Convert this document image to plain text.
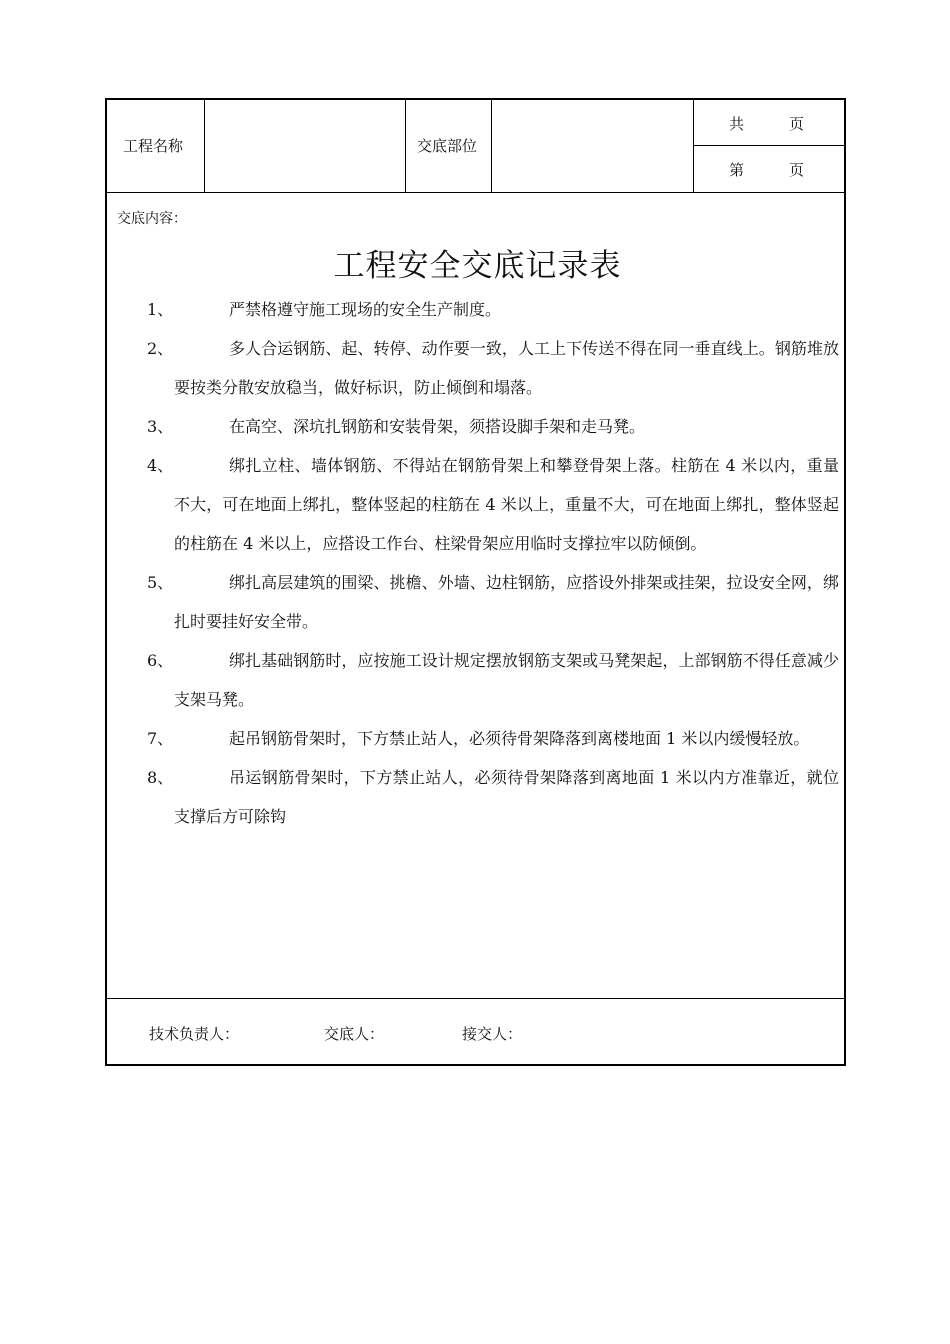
工程名称	交底部位
共　　　页
第　　　页
交底内容：
工程安全交底记录表
1、	严禁格遵守施工现场的安全生产制度。
2、	多人合运钢筋、起、转停、动作要一致，人工上下传送不得在同一垂直线上。钢筋堆放要按类分散安放稳当，做好标识，防止倾倒和塌落。
3、	在高空、深坑扎钢筋和安装骨架，须搭设脚手架和走马凳。
4、	绑扎立柱、墙体钢筋、不得站在钢筋骨架上和攀登骨架上落。柱筋在 4 米以内，重量不大，可在地面上绑扎，整体竖起的柱筋在 4 米以上，重量不大，可在地面上绑扎，整体竖起的柱筋在 4 米以上，应搭设工作台、柱梁骨架应用临时支撑拉牢以防倾倒。
5、	绑扎高层建筑的围梁、挑檐、外墙、边柱钢筋，应搭设外排架或挂架，拉设安全网，绑扎时要挂好安全带。
6、	绑扎基础钢筋时，应按施工设计规定摆放钢筋支架或马凳架起，上部钢筋不得任意减少支架马凳。
7、	起吊钢筋骨架时，下方禁止站人，必须待骨架降落到离楼地面 1 米以内缓慢轻放。
8、	吊运钢筋骨架时，下方禁止站人，必须待骨架降落到离地面 1 米以内方准靠近，就位支撑后方可除钩
技术负责人：	交底人：	接交人：
